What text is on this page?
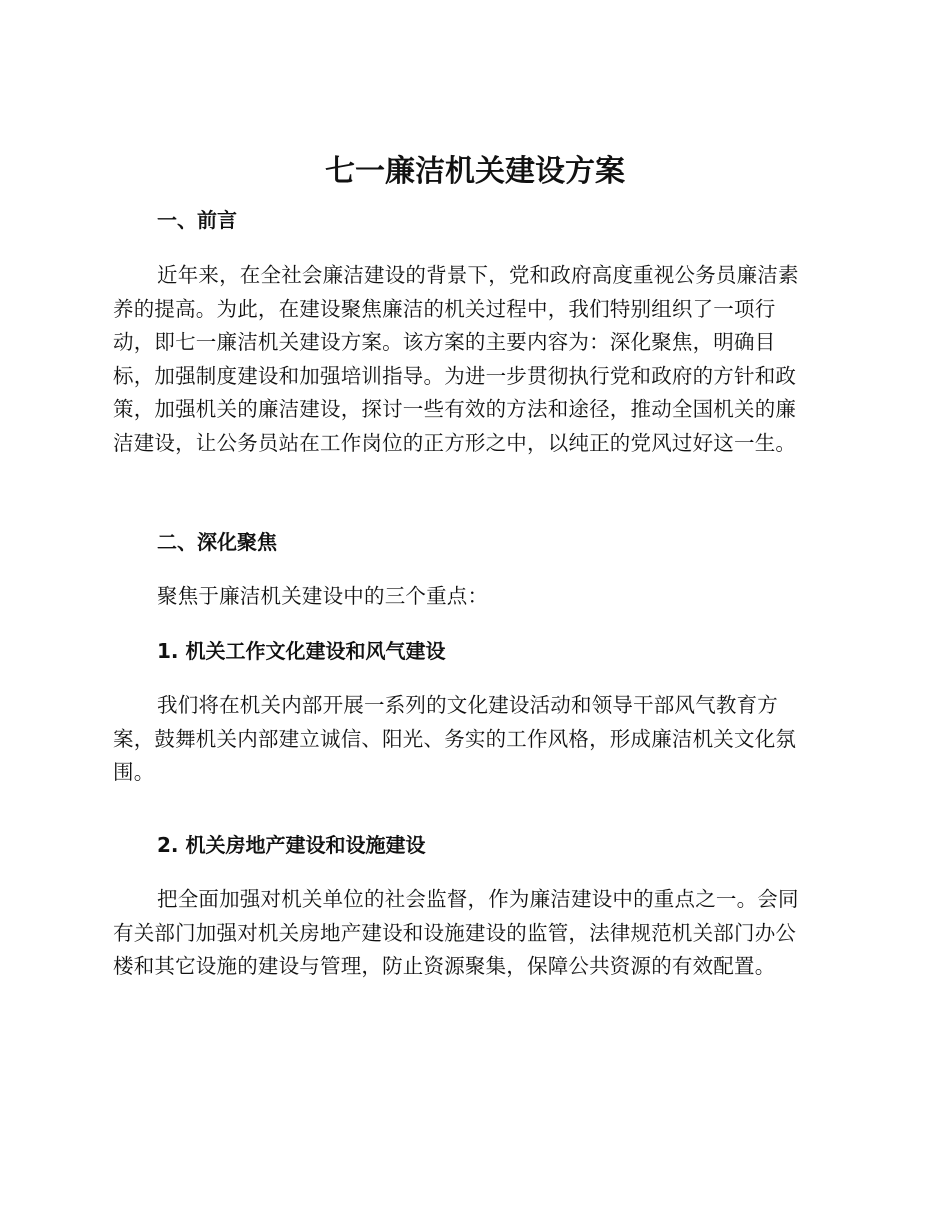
七一廉洁机关建设方案
一、前言

近年来，在全社会廉洁建设的背景下，党和政府高度重视公务员廉洁素
养的提高。为此，在建设聚焦廉洁的机关过程中，我们特别组织了一项行
动，即七一廉洁机关建设方案。该方案的主要内容为：深化聚焦，明确目
标，加强制度建设和加强培训指导。为进一步贯彻执行党和政府的方针和政
策，加强机关的廉洁建设，探讨一些有效的方法和途径，推动全国机关的廉
洁建设，让公务员站在工作岗位的正方形之中，以纯正的党风过好这一生。

二、深化聚焦

聚焦于廉洁机关建设中的三个重点：

1. 机关工作文化建设和风气建设

我们将在机关内部开展一系列的文化建设活动和领导干部风气教育方
案，鼓舞机关内部建立诚信、阳光、务实的工作风格，形成廉洁机关文化氛
围。

2. 机关房地产建设和设施建设

把全面加强对机关单位的社会监督，作为廉洁建设中的重点之一。会同
有关部门加强对机关房地产建设和设施建设的监管，法律规范机关部门办公
楼和其它设施的建设与管理，防止资源聚集，保障公共资源的有效配置。
